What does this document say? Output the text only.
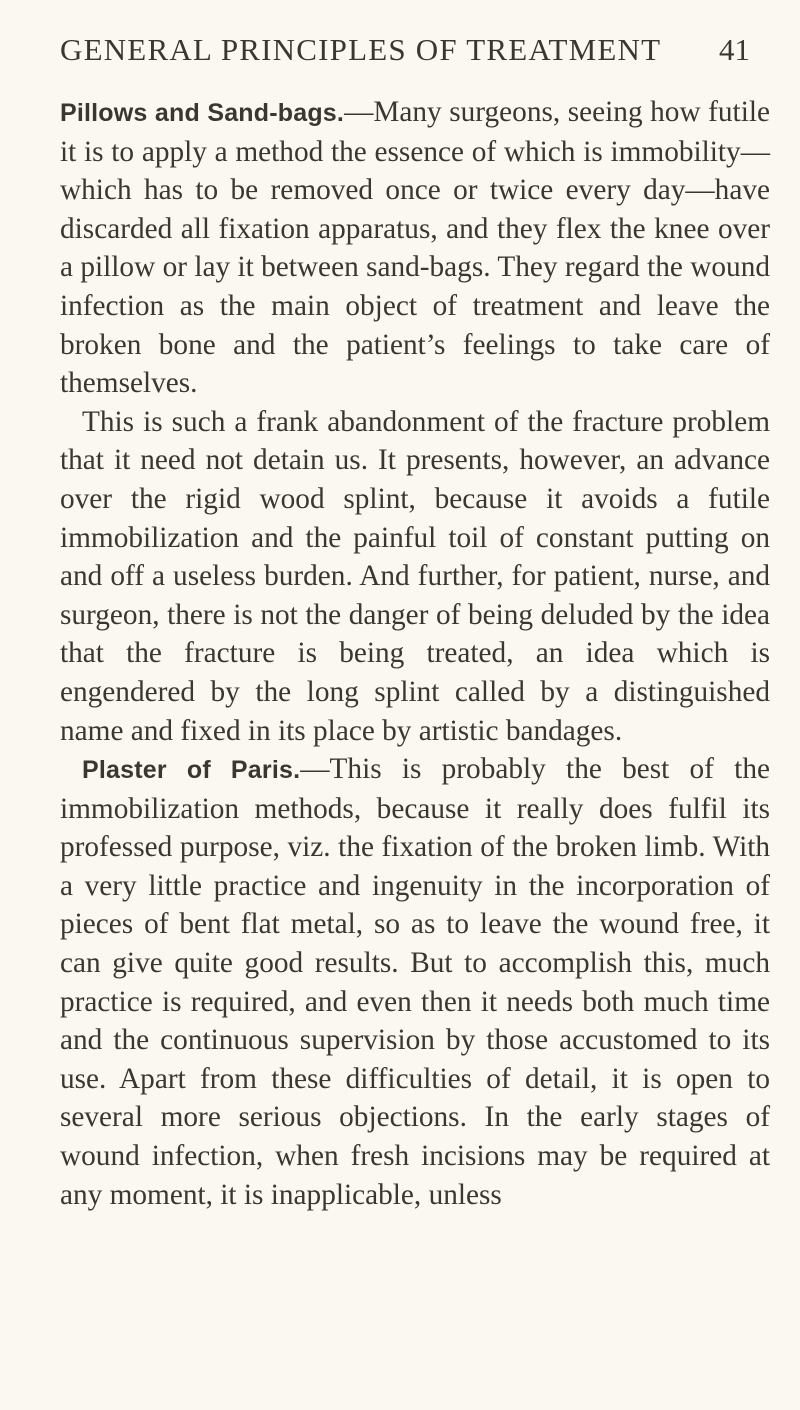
GENERAL PRINCIPLES OF TREATMENT 41

Pillows and Sand-bags.—Many surgeons, seeing how futile it is to apply a method the essence of which is immobility—which has to be removed once or twice every day—have discarded all fixation apparatus, and they flex the knee over a pillow or lay it between sand-bags. They regard the wound infection as the main object of treatment and leave the broken bone and the patient’s feelings to take care of themselves.

This is such a frank abandonment of the fracture problem that it need not detain us. It presents, however, an advance over the rigid wood splint, because it avoids a futile immobilization and the painful toil of constant putting on and off a useless burden. And further, for patient, nurse, and surgeon, there is not the danger of being deluded by the idea that the fracture is being treated, an idea which is engendered by the long splint called by a distinguished name and fixed in its place by artistic bandages.

Plaster of Paris.—This is probably the best of the immobilization methods, because it really does fulfil its professed purpose, viz. the fixation of the broken limb. With a very little practice and ingenuity in the incorporation of pieces of bent flat metal, so as to leave the wound free, it can give quite good results. But to accomplish this, much practice is required, and even then it needs both much time and the continuous supervision by those accustomed to its use. Apart from these difficulties of detail, it is open to several more serious objections. In the early stages of wound infection, when fresh incisions may be required at any moment, it is inapplicable, unless
